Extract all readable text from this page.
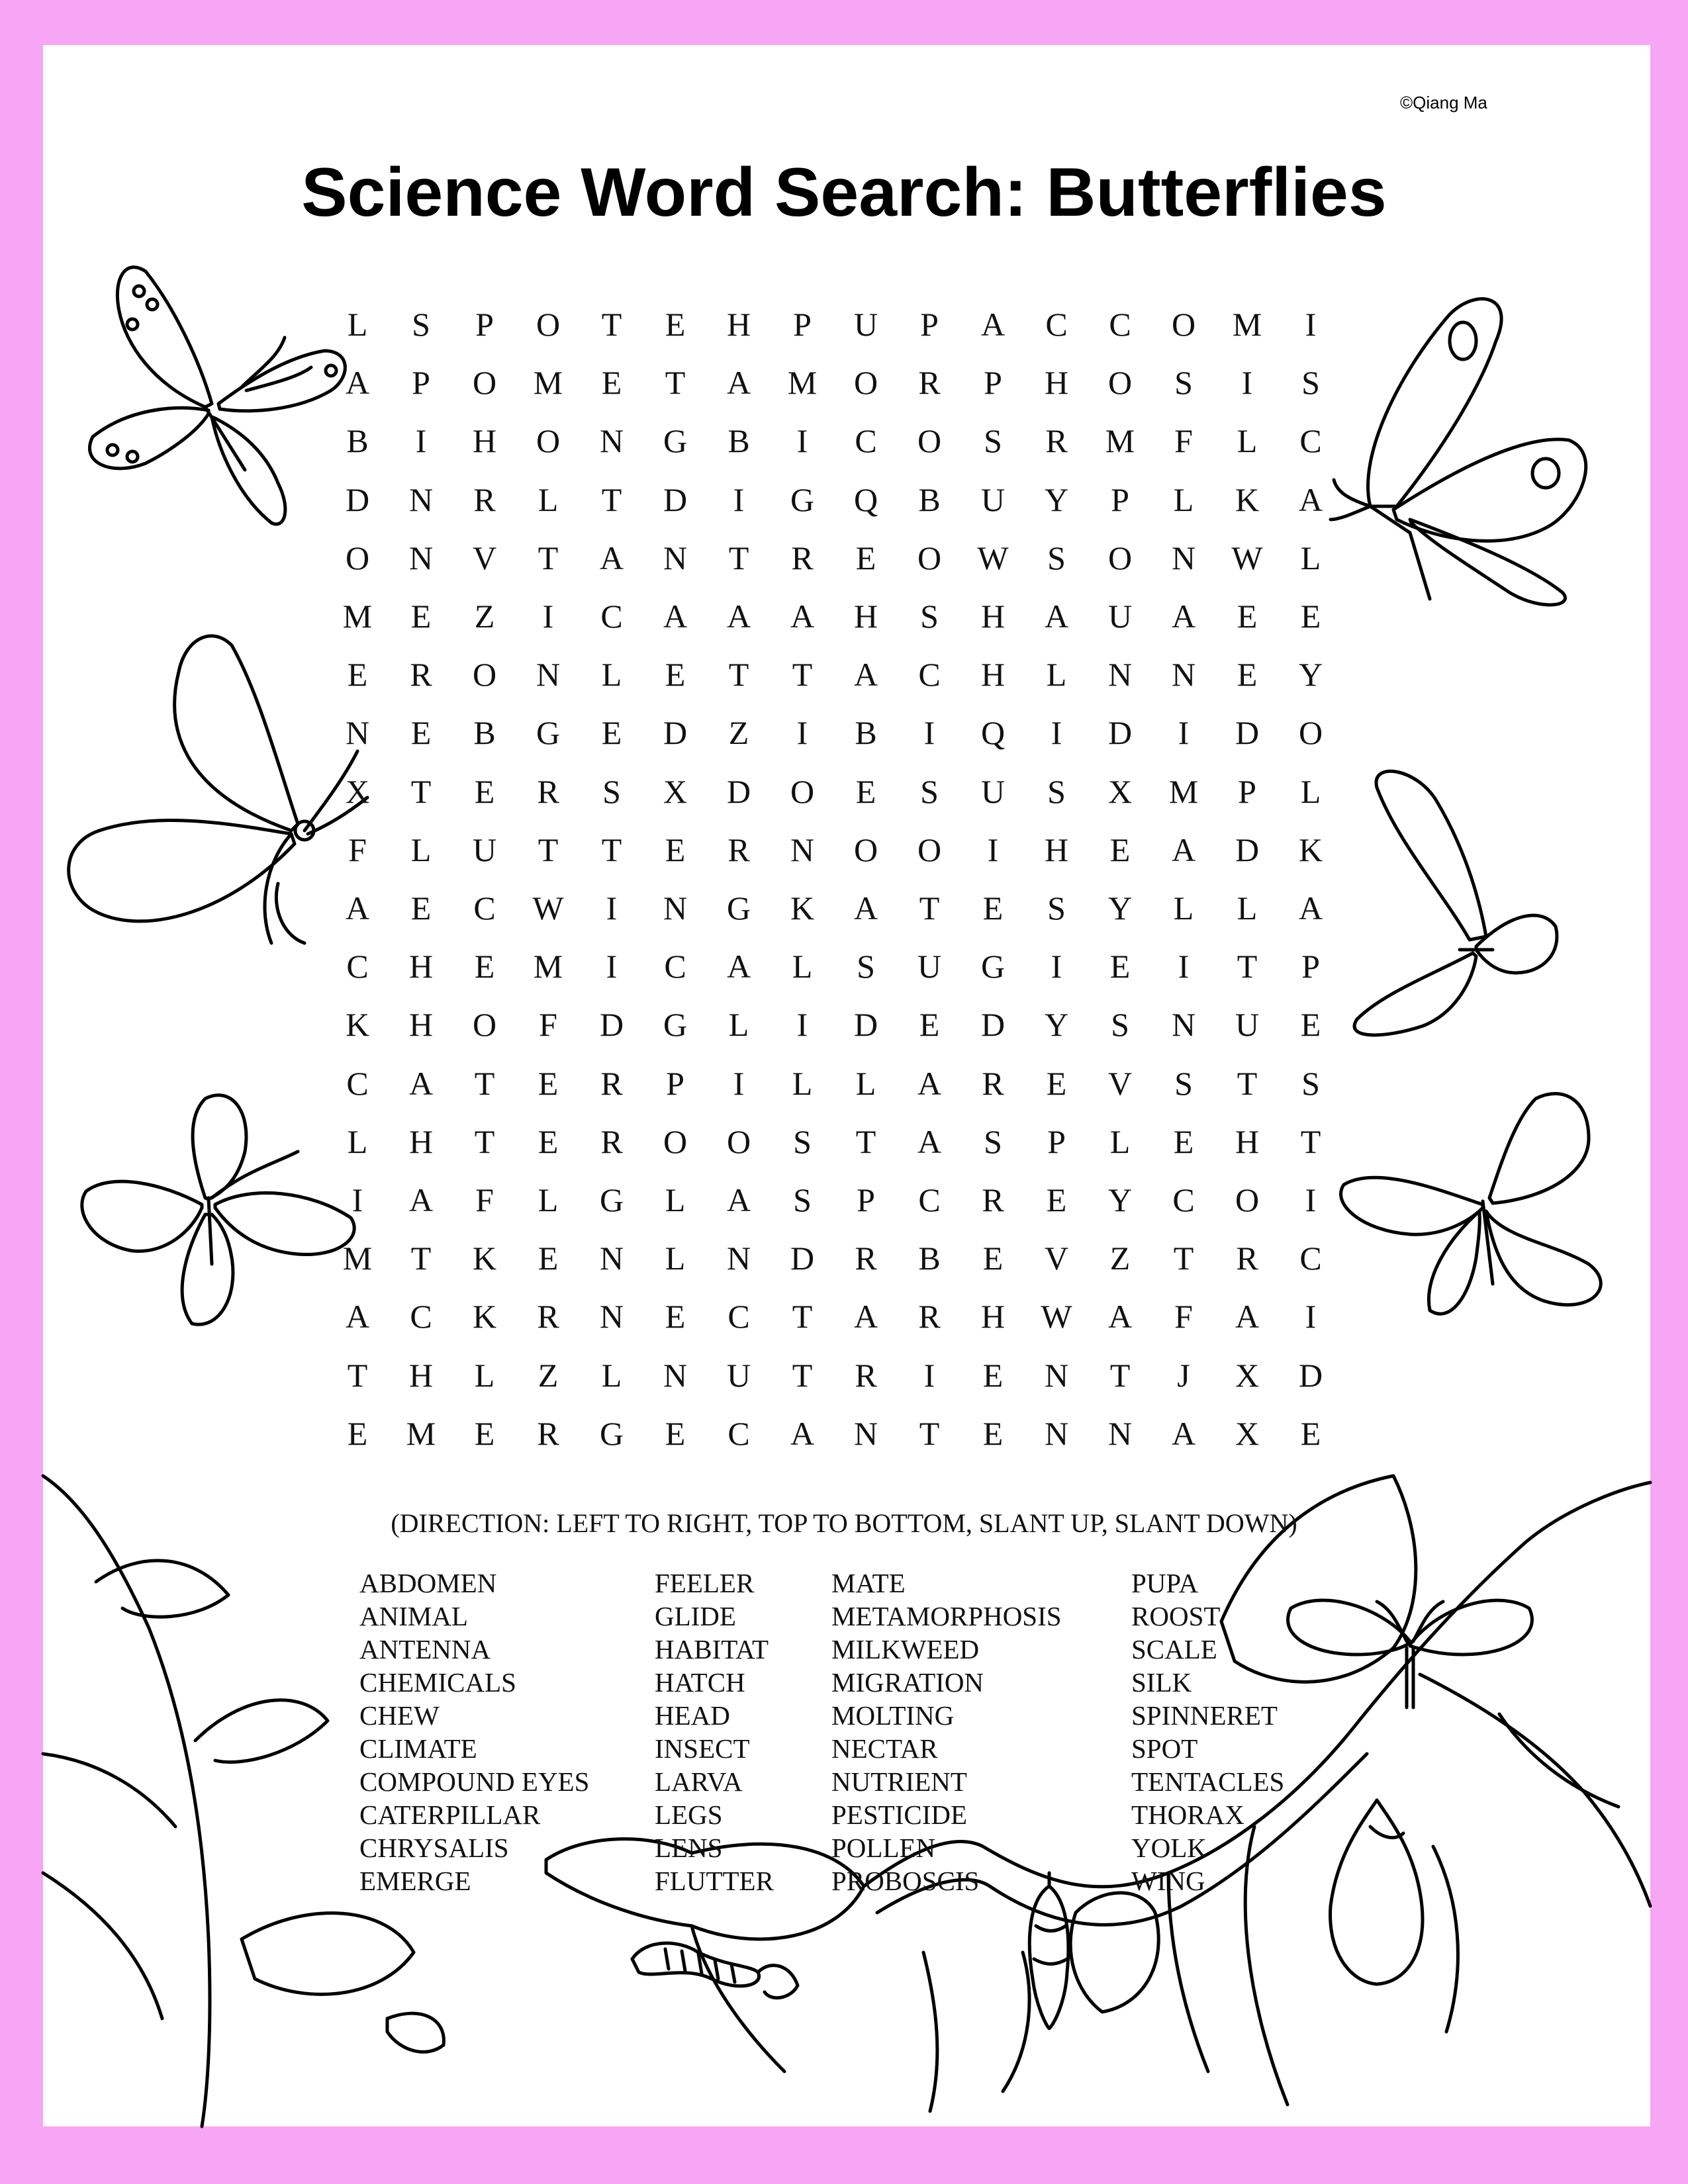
©Qiang Ma
Science Word Search: Butterflies
L	S	P	O	T	E	H	P	U	P	A	C	C	O	M	I
A	P	O	M	E	T	A	M	O	R	P	H	O	S	I	S
B	I	H	O	N	G	B	I	C	O	S	R	M	F	L	C
D	N	R	L	T	D	I	G	Q	B	U	Y	P	L	K	A
O	N	V	T	A	N	T	R	E	O	W	S	O	N	W	L
M	E	Z	I	C	A	A	A	H	S	H	A	U	A	E	E
E	R	O	N	L	E	T	T	A	C	H	L	N	N	E	Y
N	E	B	G	E	D	Z	I	B	I	Q	I	D	I	D	O
X	T	E	R	S	X	D	O	E	S	U	S	X	M	P	L
F	L	U	T	T	E	R	N	O	O	I	H	E	A	D	K
A	E	C	W	I	N	G	K	A	T	E	S	Y	L	L	A
C	H	E	M	I	C	A	L	S	U	G	I	E	I	T	P
K	H	O	F	D	G	L	I	D	E	D	Y	S	N	U	E
C	A	T	E	R	P	I	L	L	A	R	E	V	S	T	S
L	H	T	E	R	O	O	S	T	A	S	P	L	E	H	T
I	A	F	L	G	L	A	S	P	C	R	E	Y	C	O	I
M	T	K	E	N	L	N	D	R	B	E	V	Z	T	R	C
A	C	K	R	N	E	C	T	A	R	H	W	A	F	A	I
T	H	L	Z	L	N	U	T	R	I	E	N	T	J	X	D
E	M	E	R	G	E	C	A	N	T	E	N	N	A	X	E
(DIRECTION: LEFT TO RIGHT, TOP TO BOTTOM, SLANT UP, SLANT DOWN)
ABDOMEN
ANIMAL
ANTENNA
CHEMICALS
CHEW
CLIMATE
COMPOUND EYES
CATERPILLAR
CHRYSALIS
EMERGE
FEELER
GLIDE
HABITAT
HATCH
HEAD
INSECT
LARVA
LEGS
LENS
FLUTTER
MATE
METAMORPHOSIS
MILKWEED
MIGRATION
MOLTING
NECTAR
NUTRIENT
PESTICIDE
POLLEN
PROBOSCIS
PUPA
ROOST
SCALE
SILK
SPINNERET
SPOT
TENTACLES
THORAX
YOLK
WING
